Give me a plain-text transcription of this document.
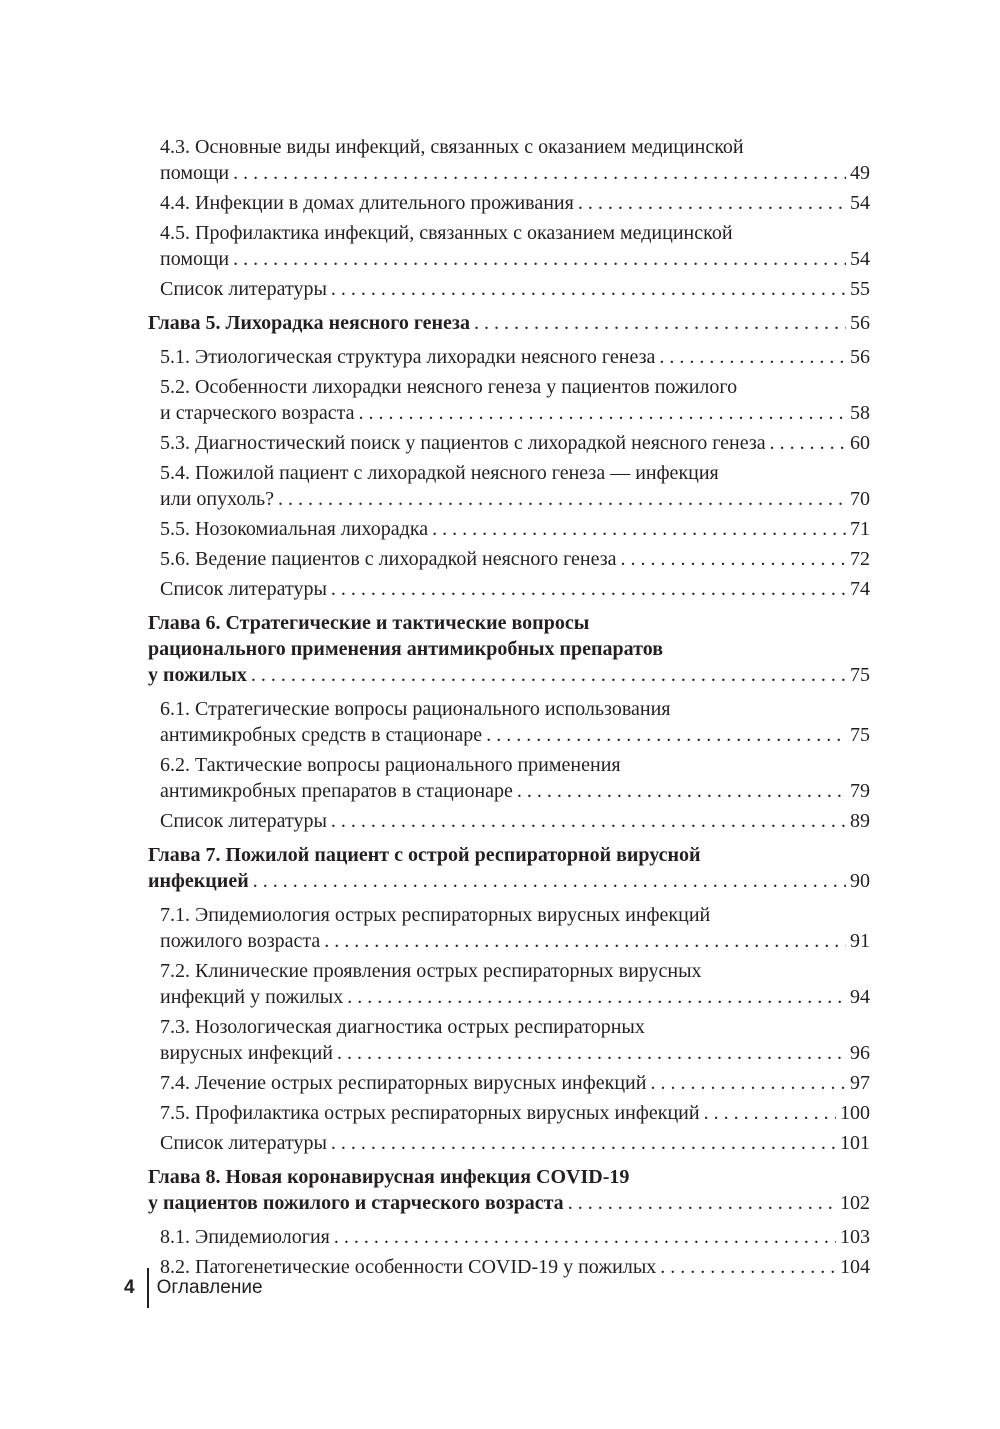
4.3. Основные виды инфекций, связанных с оказанием медицинской
помощи . . .	49
4.4. Инфекции в домах длительного проживания . . .	54
4.5. Профилактика инфекций, связанных с оказанием медицинской
помощи . . .	54
Список литературы . . .	55
Глава 5. Лихорадка неясного генеза . . .	56
5.1. Этиологическая структура лихорадки неясного генеза . . .	56
5.2. Особенности лихорадки неясного генеза у пациентов пожилого
и старческого возраста . . .	58
5.3. Диагностический поиск у пациентов с лихорадкой неясного генеза . . .	60
5.4. Пожилой пациент с лихорадкой неясного генеза — инфекция
или опухоль? . . .	70
5.5. Нозокомиальная лихорадка . . .	71
5.6. Ведение пациентов с лихорадкой неясного генеза . . .	72
Список литературы . . .	74
Глава 6. Стратегические и тактические вопросы
рационального применения антимикробных препаратов
у пожилых . . .	75
6.1. Стратегические вопросы рационального использования
антимикробных средств в стационаре . . .	75
6.2. Тактические вопросы рационального применения
антимикробных препаратов в стационаре . . .	79
Список литературы . . .	89
Глава 7. Пожилой пациент с острой респираторной вирусной
инфекцией . . .	90
7.1. Эпидемиология острых респираторных вирусных инфекций
пожилого возраста . . .	91
7.2. Клинические проявления острых респираторных вирусных
инфекций у пожилых . . .	94
7.3. Нозологическая диагностика острых респираторных
вирусных инфекций . . .	96
7.4. Лечение острых респираторных вирусных инфекций . . .	97
7.5. Профилактика острых респираторных вирусных инфекций . . .	100
Список литературы . . .	101
Глава 8. Новая коронавирусная инфекция COVID-19
у пациентов пожилого и старческого возраста . . .	102
8.1. Эпидемиология . . .	103
8.2. Патогенетические особенности COVID-19 у пожилых . . .	104
4 Оглавление
